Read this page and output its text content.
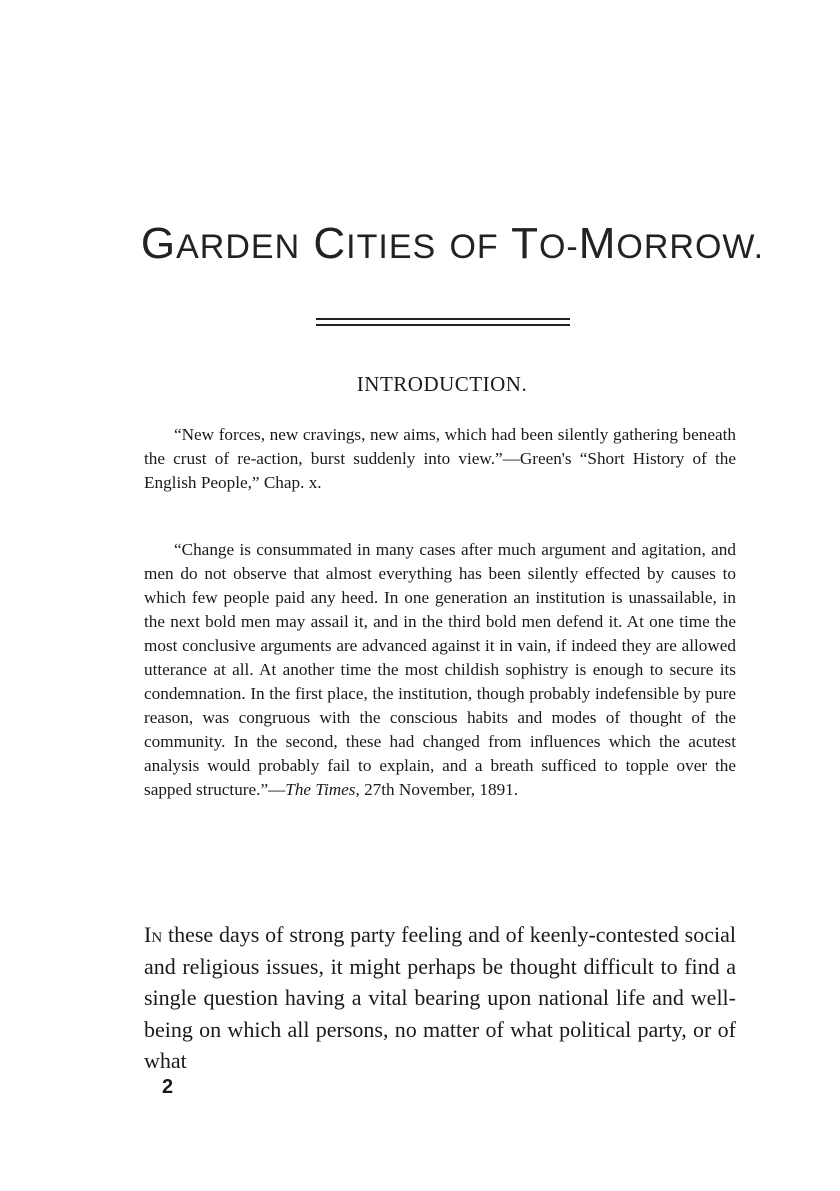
GARDEN CITIES OF TO-MORROW.
INTRODUCTION.

“New forces, new cravings, new aims, which had been silently gathering beneath the crust of re-action, burst suddenly into view.”—Green's “Short History of the English People,” Chap. x.

“Change is consummated in many cases after much argument and agitation, and men do not observe that almost everything has been silently effected by causes to which few people paid any heed. In one generation an institution is unassailable, in the next bold men may assail it, and in the third bold men defend it. At one time the most conclusive arguments are advanced against it in vain, if indeed they are allowed utterance at all. At another time the most childish sophistry is enough to secure its condemnation. In the first place, the institution, though probably indefensible by pure reason, was congruous with the conscious habits and modes of thought of the community. In the second, these had changed from influences which the acutest analysis would probably fail to explain, and a breath sufficed to topple over the sapped structure.”—The Times, 27th November, 1891.

In these days of strong party feeling and of keenly-contested social and religious issues, it might perhaps be thought difficult to find a single question having a vital bearing upon national life and well-being on which all persons, no matter of what political party, or of what

2
